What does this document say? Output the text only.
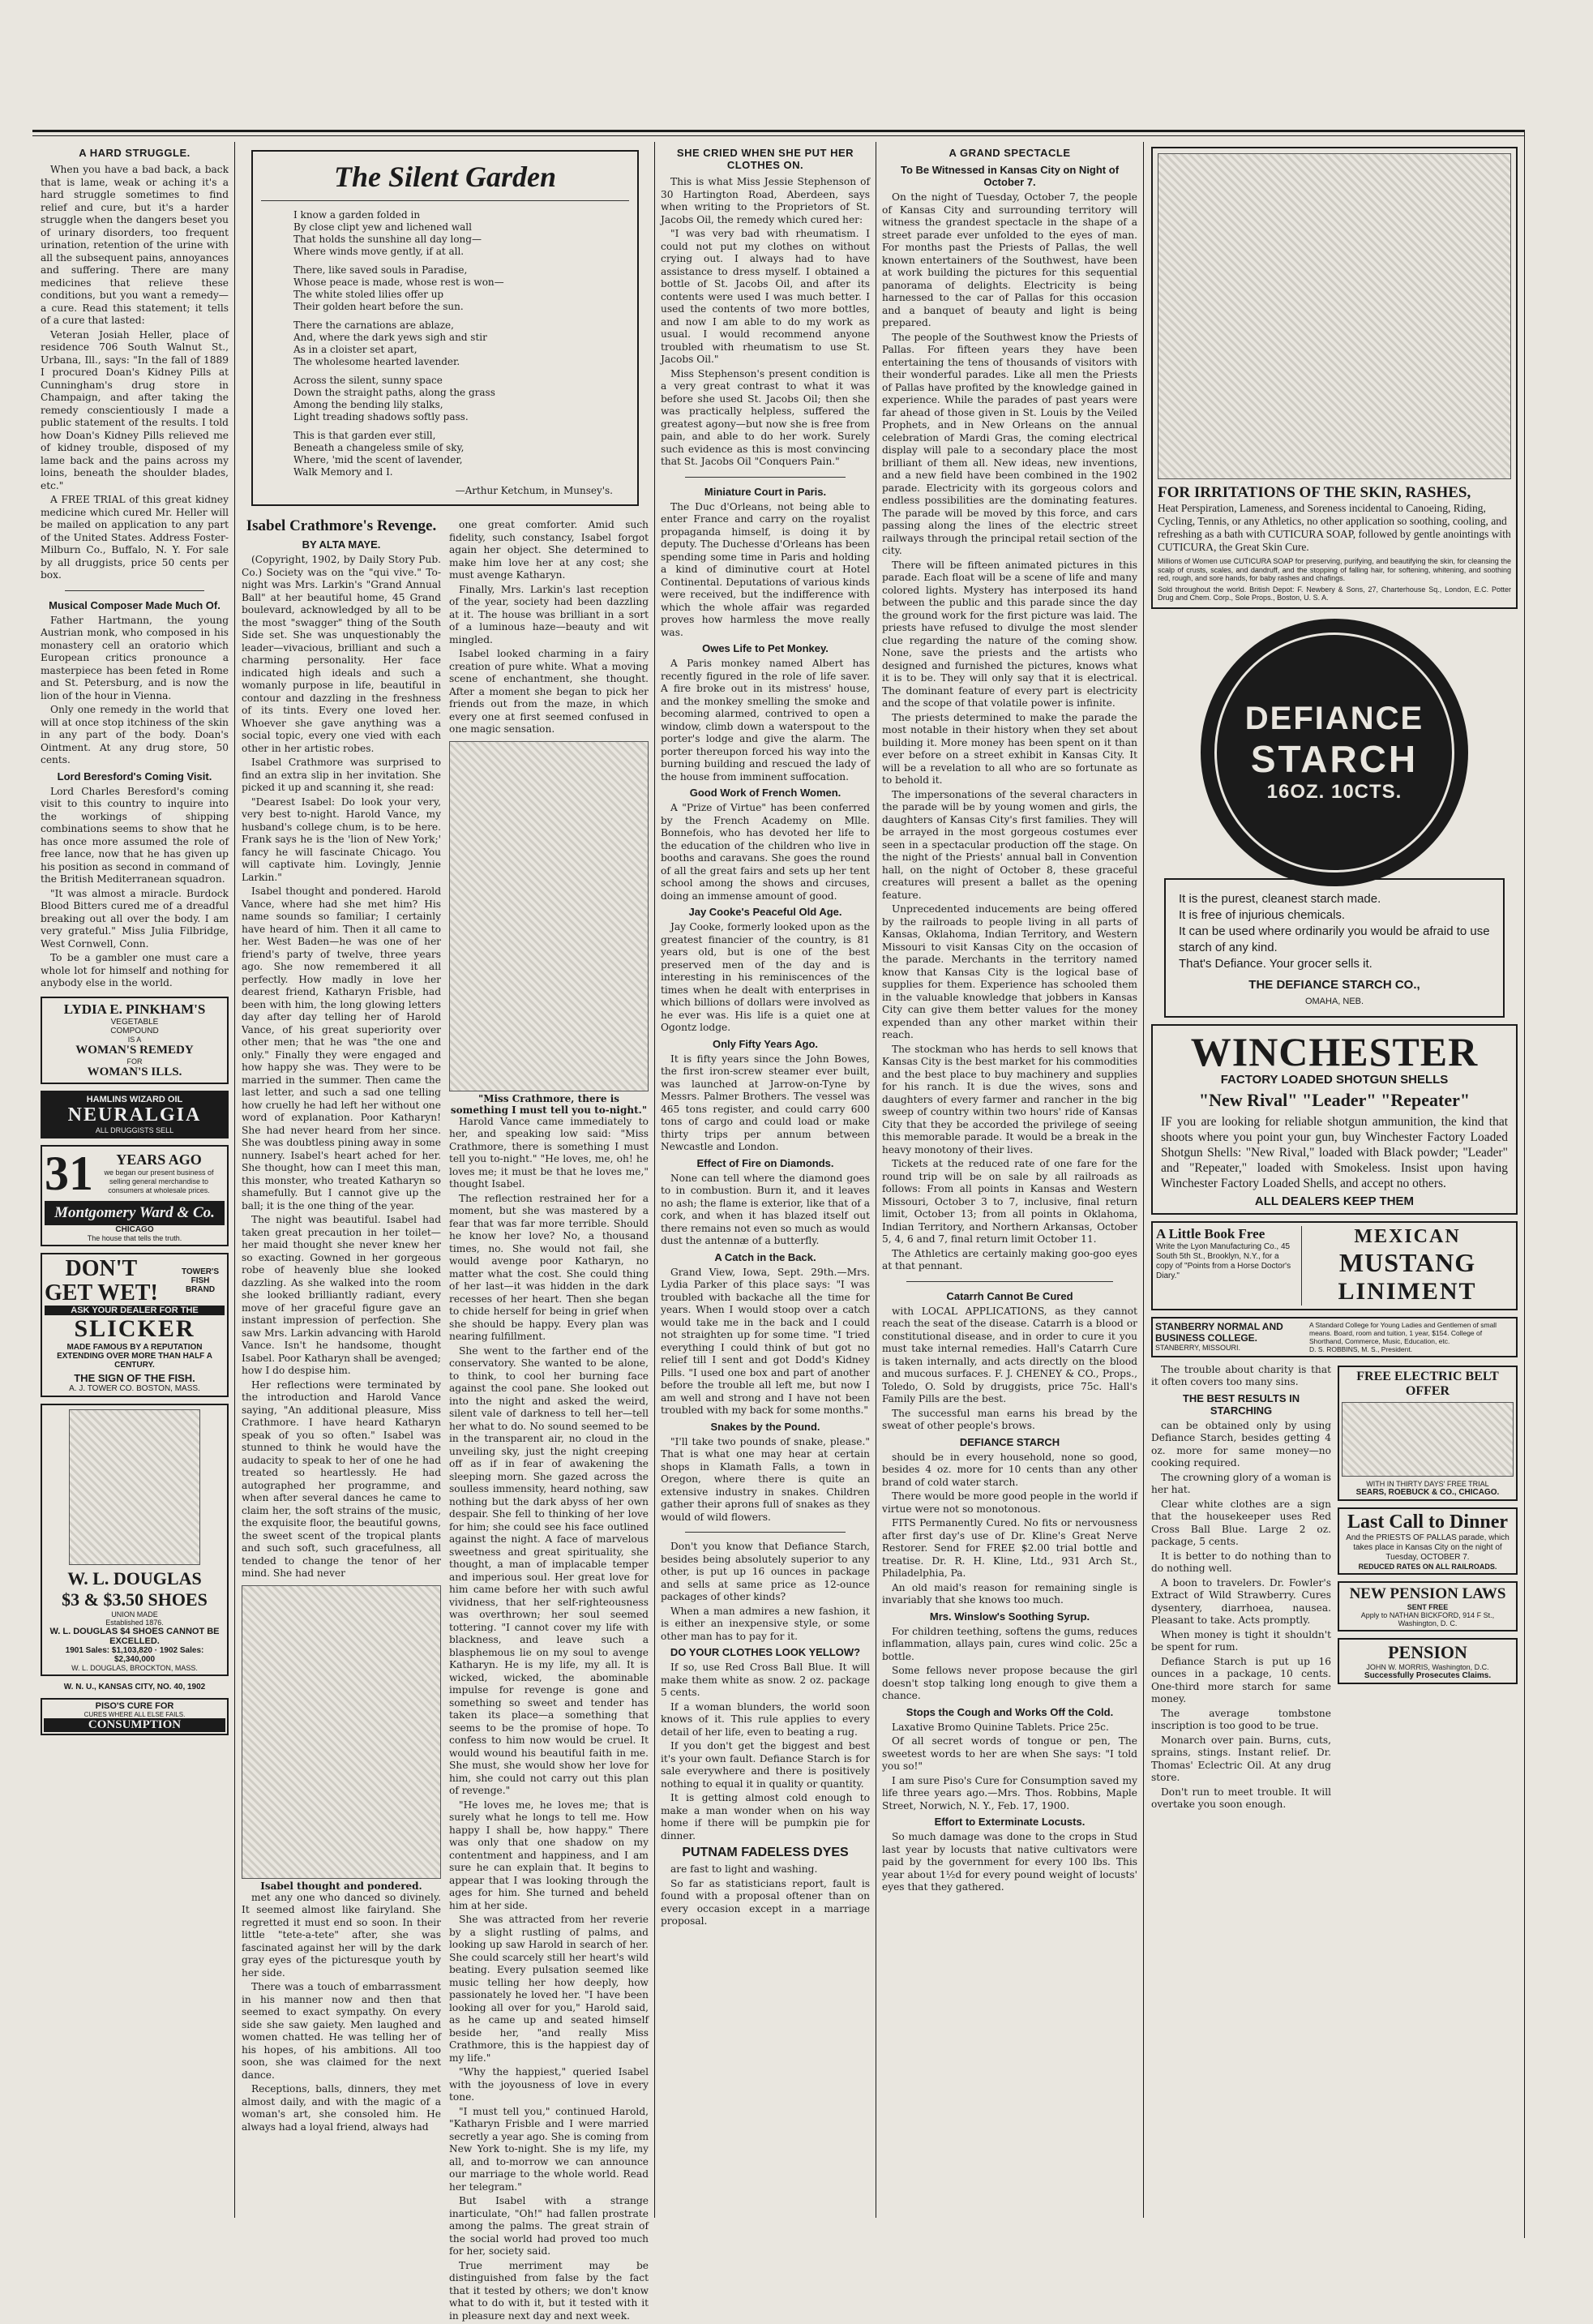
A HARD STRUGGLE.

When you have a bad back, a back that is lame, weak or aching it's a hard struggle sometimes to find relief and cure, but it's a harder struggle when the dangers beset you of urinary disorders, too frequent urination, retention of the urine with all the subsequent pains, annoyances and suffering. There are many medicines that relieve these conditions, but you want a remedy—a cure. Read this statement; it tells of a cure that lasted:

Veteran Josiah Heller, place of residence 706 South Walnut St., Urbana, Ill., says: "In the fall of 1889 I procured Doan's Kidney Pills at Cunningham's drug store in Champaign, and after taking the remedy conscientiously I made a public statement of the results. I told how Doan's Kidney Pills relieved me of kidney trouble, disposed of my lame back and the pains across my loins, beneath the shoulder blades, etc."

A FREE TRIAL of this great kidney medicine which cured Mr. Heller will be mailed on application to any part of the United States. Address Foster-Milburn Co., Buffalo, N. Y. For sale by all druggists, price 50 cents per box.

Musical Composer Made Much Of.

Father Hartmann, the young Austrian monk, who composed in his monastery cell an oratorio which European critics pronounce a masterpiece has been feted in Rome and St. Petersburg, and is now the lion of the hour in Vienna.

Only one remedy in the world that will at once stop itchiness of the skin in any part of the body. Doan's Ointment. At any drug store, 50 cents.

Lord Beresford's Coming Visit.

Lord Charles Beresford's coming visit to this country to inquire into the workings of shipping combinations seems to show that he has once more assumed the role of free lance, now that he has given up his position as second in command of the British Mediterranean squadron.

"It was almost a miracle. Burdock Blood Bitters cured me of a dreadful breaking out all over the body. I am very grateful." Miss Julia Filbridge, West Cornwell, Conn.

To be a gambler one must care a whole lot for himself and nothing for anybody else in the world.

LYDIA E. PINKHAM'S
VEGETABLE
COMPOUND
IS A
WOMAN'S REMEDY
FOR
WOMAN'S ILLS.
HAMLINS WIZARD OIL
NEURALGIA
ALL DRUGGISTS SELL
31	YEARS AGO
we began our present business of selling general merchandise to consumers at wholesale prices.
Montgomery Ward & Co.
CHICAGO
The house that tells the truth.
DON'T
GET WET!
TOWER'S FISH BRAND
ASK YOUR DEALER FOR THE
SLICKER
MADE FAMOUS BY A REPUTATION EXTENDING OVER MORE THAN HALF A CENTURY.
THE SIGN OF THE FISH.
A. J. TOWER CO. BOSTON, MASS.
W. L. DOUGLAS
$3 & $3.50 SHOES
UNION MADE
Established 1876.
W. L. DOUGLAS $4 SHOES CANNOT BE EXCELLED.
1901 Sales: $1,103,820 · 1902 Sales: $2,340,000
W. L. DOUGLAS, BROCKTON, MASS.
W. N. U., KANSAS CITY, NO. 40, 1902
PISO'S CURE FOR
CURES WHERE ALL ELSE FAILS.
CONSUMPTION
The Silent Garden
I know a garden folded in
By close clipt yew and lichened wall
That holds the sunshine all day long—
Where winds move gently, if at all.
There, like saved souls in Paradise,
Whose peace is made, whose rest is won—
The white stoled lilies offer up
Their golden heart before the sun.
There the carnations are ablaze,
And, where the dark yews sigh and stir
As in a cloister set apart,
The wholesome hearted lavender.
Across the silent, sunny space
Down the straight paths, along the grass
Among the bending lily stalks,
Light treading shadows softly pass.
This is that garden ever still,
Beneath a changeless smile of sky,
Where, 'mid the scent of lavender,
Walk Memory and I.
—Arthur Ketchum, in Munsey's.
Isabel Crathmore's Revenge.
BY ALTA MAYE.

(Copyright, 1902, by Daily Story Pub. Co.) Society was on the "qui vive." To-night was Mrs. Larkin's "Grand Annual Ball" at her beautiful home, 45 Grand boulevard, acknowledged by all to be the most "swagger" thing of the South Side set. She was unquestionably the leader—vivacious, brilliant and such a charming personality. Her face indicated high ideals and such a womanly purpose in life, beautiful in contour and dazzling in the freshness of its tints. Every one loved her. Whoever she gave anything was a social topic, every one vied with each other in her artistic robes.

Isabel Crathmore was surprised to find an extra slip in her invitation. She picked it up and scanning it, she read:

"Dearest Isabel: Do look your very, very best to-night. Harold Vance, my husband's college chum, is to be here. Frank says he is the 'lion of New York;' fancy he will fascinate Chicago. You will captivate him. Lovingly, Jennie Larkin."

Isabel thought and pondered. Harold Vance, where had she met him? His name sounds so familiar; I certainly have heard of him. Then it all came to her. West Baden—he was one of her friend's party of twelve, three years ago. She now remembered it all perfectly. How madly in love her dearest friend, Katharyn Frisble, had been with him, the long glowing letters day after day telling her of Harold Vance, of his great superiority over other men; that he was "the one and only." Finally they were engaged and how happy she was. They were to be married in the summer. Then came the last letter, and such a sad one telling how cruelly he had left her without one word of explanation. Poor Katharyn! She had never heard from her since. She was doubtless pining away in some nunnery. Isabel's heart ached for her. She thought, how can I meet this man, this monster, who treated Katharyn so shamefully. But I cannot give up the ball; it is the one thing of the year.

The night was beautiful. Isabel had taken great precaution in her toilet—her maid thought she never knew her so exacting. Gowned in her gorgeous robe of heavenly blue she looked dazzling. As she walked into the room she looked brilliantly radiant, every move of her graceful figure gave an instant impression of perfection. She saw Mrs. Larkin advancing with Harold Vance. Isn't he handsome, thought Isabel. Poor Katharyn shall be avenged; how I do despise him.

Her reflections were terminated by the introduction and Harold Vance saying, "An additional pleasure, Miss Crathmore. I have heard Katharyn speak of you so often." Isabel was stunned to think he would have the audacity to speak to her of one he had treated so heartlessly. He had autographed her programme, and when after several dances he came to claim her, the soft strains of the music, the exquisite floor, the beautiful gowns, the sweet scent of the tropical plants and such soft, such gracefulness, all tended to change the tenor of her mind. She had never

Isabel thought and pondered.

met any one who danced so divinely. It seemed almost like fairyland. She regretted it must end so soon. In their little "tete-a-tete" after, she was fascinated against her will by the dark gray eyes of the picturesque youth by her side.

There was a touch of embarrassment in his manner now and then that seemed to exact sympathy. On every side she saw gaiety. Men laughed and women chatted. He was telling her of his hopes, of his ambitions. All too soon, she was claimed for the next dance.

Receptions, balls, dinners, they met almost daily, and with the magic of a woman's art, she consoled him. He always had a loyal friend, always had

one great comforter. Amid such fidelity, such constancy, Isabel forgot again her object. She determined to make him love her at any cost; she must avenge Katharyn.

Finally, Mrs. Larkin's last reception of the year, society had been dazzling at it. The house was brilliant in a sort of a luminous haze—beauty and wit mingled.

Isabel looked charming in a fairy creation of pure white. What a moving scene of enchantment, she thought. After a moment she began to pick her friends out from the maze, in which every one at first seemed confused in one magic sensation.

"Miss Crathmore, there is something I must tell you to-night."

Harold Vance came immediately to her, and speaking low said: "Miss Crathmore, there is something I must tell you to-night." "He loves, me, oh! he loves me; it must be that he loves me," thought Isabel.

The reflection restrained her for a moment, but she was mastered by a fear that was far more terrible. Should he know her love? No, a thousand times, no. She would not fail, she would avenge poor Katharyn, no matter what the cost. She could thing of her last—it was hidden in the dark recesses of her heart. Then she began to chide herself for being in grief when she should be happy. Every plan was nearing fulfillment.

She went to the farther end of the conservatory. She wanted to be alone, to think, to cool her burning face against the cool pane. She looked out into the night and asked the weird, silent vale of darkness to tell her—tell her what to do. No sound seemed to be in the transparent air, no cloud in the unveiling sky, just the night creeping off as if in fear of awakening the sleeping morn. She gazed across the soulless immensity, heard nothing, saw nothing but the dark abyss of her own despair. She fell to thinking of her love for him; she could see his face outlined against the night. A face of marvelous sweetness and great spirituality, she thought, a man of implacable temper and imperious soul. Her great love for him came before her with such awful vividness, that her self-righteousness was overthrown; her soul seemed tottering. "I cannot cover my life with blackness, and leave such a blasphemous lie on my soul to avenge Katharyn. He is my life, my all. It is wicked, wicked, the abominable impulse for revenge is gone and something so sweet and tender has taken its place—a something that seems to be the promise of hope. To confess to him now would be cruel. It would wound his beautiful faith in me. She must, she would show her love for him, she could not carry out this plan of revenge."

"He loves me, he loves me; that is surely what he longs to tell me. How happy I shall be, how happy." There was only that one shadow on my contentment and happiness, and I am sure he can explain that. It begins to appear that I was looking through the ages for him. She turned and beheld him at her side.

She was attracted from her reverie by a slight rustling of palms, and looking up saw Harold in search of her. She could scarcely still her heart's wild beating. Every pulsation seemed like music telling her how deeply, how passionately he loved her. "I have been looking all over for you," Harold said, as he came up and seated himself beside her, "and really Miss Crathmore, this is the happiest day of my life."

"Why the happiest," queried Isabel with the joyousness of love in every tone.

"I must tell you," continued Harold, "Katharyn Frisble and I were married secretly a year ago. She is coming from New York to-night. She is my life, my all, and to-morrow we can announce our marriage to the whole world. Read her telegram."

But Isabel with a strange inarticulate, "Oh!" had fallen prostrate among the palms. The great strain of the social world had proved too much for her, society said.

True merriment may be distinguished from false by the fact that it tested by others; we don't know what to do with it, but it tested with it in pleasure next day and next week.

SHE CRIED WHEN SHE PUT HER CLOTHES ON.

This is what Miss Jessie Stephenson of 30 Hartington Road, Aberdeen, says when writing to the Proprietors of St. Jacobs Oil, the remedy which cured her:

"I was very bad with rheumatism. I could not put my clothes on without crying out. I always had to have assistance to dress myself. I obtained a bottle of St. Jacobs Oil, and after its contents were used I was much better. I used the contents of two more bottles, and now I am able to do my work as usual. I would recommend anyone troubled with rheumatism to use St. Jacobs Oil."

Miss Stephenson's present condition is a very great contrast to what it was before she used St. Jacobs Oil; then she was practically helpless, suffered the greatest agony—but now she is free from pain, and able to do her work. Surely such evidence as this is most convincing that St. Jacobs Oil "Conquers Pain."

Miniature Court in Paris.

The Duc d'Orleans, not being able to enter France and carry on the royalist propaganda himself, is doing it by deputy. The Duchesse d'Orleans has been spending some time in Paris and holding a kind of diminutive court at Hotel Continental. Deputations of various kinds were received, but the indifference with which the whole affair was regarded proves how harmless the move really was.

Owes Life to Pet Monkey.

A Paris monkey named Albert has recently figured in the role of life saver. A fire broke out in its mistress' house, and the monkey smelling the smoke and becoming alarmed, contrived to open a window, climb down a waterspout to the porter's lodge and give the alarm. The porter thereupon forced his way into the burning building and rescued the lady of the house from imminent suffocation.

Good Work of French Women.

A "Prize of Virtue" has been conferred by the French Academy on Mlle. Bonnefois, who has devoted her life to the education of the children who live in booths and caravans. She goes the round of all the great fairs and sets up her tent school among the shows and circuses, doing an immense amount of good.

Jay Cooke's Peaceful Old Age.

Jay Cooke, formerly looked upon as the greatest financier of the country, is 81 years old, but is one of the best preserved men of the day and is interesting in his reminiscences of the times when he dealt with enterprises in which billions of dollars were involved as he ever was. His life is a quiet one at Ogontz lodge.

Only Fifty Years Ago.

It is fifty years since the John Bowes, the first iron-screw steamer ever built, was launched at Jarrow-on-Tyne by Messrs. Palmer Brothers. The vessel was 465 tons register, and could carry 600 tons of cargo and could load or make thirty trips per annum between Newcastle and London.

Effect of Fire on Diamonds.

None can tell where the diamond goes to in combustion. Burn it, and it leaves no ash; the flame is exterior, like that of a cork, and when it has blazed itself out there remains not even so much as would dust the antennæ of a butterfly.

A Catch in the Back.

Grand View, Iowa, Sept. 29th.—Mrs. Lydia Parker of this place says: "I was troubled with backache all the time for years. When I would stoop over a catch would take me in the back and I could not straighten up for some time. "I tried everything I could think of but got no relief till I sent and got Dodd's Kidney Pills. "I used one box and part of another before the trouble all left me, but now I am well and strong and I have not been troubled with my back for some months."

Snakes by the Pound.

"I'll take two pounds of snake, please." That is what one may hear at certain shops in Klamath Falls, a town in Oregon, where there is quite an extensive industry in snakes. Children gather their aprons full of snakes as they would of wild flowers.

Don't you know that Defiance Starch, besides being absolutely superior to any other, is put up 16 ounces in package and sells at same price as 12-ounce packages of other kinds?

When a man admires a new fashion, it is either an inexpensive style, or some other man has to pay for it.

DO YOUR CLOTHES LOOK YELLOW?

If so, use Red Cross Ball Blue. It will make them white as snow. 2 oz. package 5 cents.

If a woman blunders, the world soon knows of it. This rule applies to every detail of her life, even to beating a rug.

If you don't get the biggest and best it's your own fault. Defiance Starch is for sale everywhere and there is positively nothing to equal it in quality or quantity.

It is getting almost cold enough to make a man wonder when on his way home if there will be pumpkin pie for dinner.

PUTNAM FADELESS DYES

are fast to light and washing.

So far as statisticians report, fault is found with a proposal oftener than on every occasion except in a marriage proposal.

A GRAND SPECTACLE
To Be Witnessed in Kansas City on Night of October 7.

On the night of Tuesday, October 7, the people of Kansas City and surrounding territory will witness the grandest spectacle in the shape of a street parade ever unfolded to the eyes of man. For months past the Priests of Pallas, the well known entertainers of the Southwest, have been at work building the pictures for this sequential panorama of delights. Electricity is being harnessed to the car of Pallas for this occasion and a banquet of beauty and light is being prepared.

The people of the Southwest know the Priests of Pallas. For fifteen years they have been entertaining the tens of thousands of visitors with their wonderful parades. Like all men the Priests of Pallas have profited by the knowledge gained in experience. While the parades of past years were far ahead of those given in St. Louis by the Veiled Prophets, and in New Orleans on the annual celebration of Mardi Gras, the coming electrical display will pale to a secondary place the most brilliant of them all. New ideas, new inventions, and a new field have been combined in the 1902 parade. Electricity with its gorgeous colors and endless possibilities are the dominating features. The parade will be moved by this force, and cars passing along the lines of the electric street railways through the principal retail section of the city.

There will be fifteen animated pictures in this parade. Each float will be a scene of life and many colored lights. Mystery has interposed its hand between the public and this parade since the day the ground work for the first picture was laid. The priests have refused to divulge the most slender clue regarding the nature of the coming show. None, save the priests and the artists who designed and furnished the pictures, knows what it is to be. They will only say that it is electrical. The dominant feature of every part is electricity and the scope of that volatile power is infinite.

The priests determined to make the parade the most notable in their history when they set about building it. More money has been spent on it than ever before on a street exhibit in Kansas City. It will be a revelation to all who are so fortunate as to behold it.

The impersonations of the several characters in the parade will be by young women and girls, the daughters of Kansas City's first families. They will be arrayed in the most gorgeous costumes ever seen in a spectacular production off the stage. On the night of the Priests' annual ball in Convention hall, on the night of October 8, these graceful creatures will present a ballet as the opening feature.

Unprecedented inducements are being offered by the railroads to people living in all parts of Kansas, Oklahoma, Indian Territory, and Western Missouri to visit Kansas City on the occasion of the parade. Merchants in the territory named know that Kansas City is the logical base of supplies for them. Experience has schooled them in the valuable knowledge that jobbers in Kansas City can give them better values for the money expended than any other market within their reach.

The stockman who has herds to sell knows that Kansas City is the best market for his commodities and the best place to buy machinery and supplies for his ranch. It is due the wives, sons and daughters of every farmer and rancher in the big sweep of country within two hours' ride of Kansas City that they be accorded the privilege of seeing this memorable parade. It would be a break in the heavy monotony of their lives.

Tickets at the reduced rate of one fare for the round trip will be on sale by all railroads as follows: From all points in Kansas and Western Missouri, October 3 to 7, inclusive, final return limit, October 13; from all points in Oklahoma, Indian Territory, and Northern Arkansas, October 5, 4, 6 and 7, final return limit October 11.

The Athletics are certainly making goo-goo eyes at that pennant.

Catarrh Cannot Be Cured

with LOCAL APPLICATIONS, as they cannot reach the seat of the disease. Catarrh is a blood or constitutional disease, and in order to cure it you must take internal remedies. Hall's Catarrh Cure is taken internally, and acts directly on the blood and mucous surfaces. F. J. CHENEY & CO., Props., Toledo, O. Sold by druggists, price 75c. Hall's Family Pills are the best.

The successful man earns his bread by the sweat of other people's brows.

DEFIANCE STARCH

should be in every household, none so good, besides 4 oz. more for 10 cents than any other brand of cold water starch.

There would be more good people in the world if virtue were not so monotonous.

FITS Permanently Cured. No fits or nervousness after first day's use of Dr. Kline's Great Nerve Restorer. Send for FREE $2.00 trial bottle and treatise. Dr. R. H. Kline, Ltd., 931 Arch St., Philadelphia, Pa.

An old maid's reason for remaining single is invariably that she knows too much.

Mrs. Winslow's Soothing Syrup.

For children teething, softens the gums, reduces inflammation, allays pain, cures wind colic. 25c a bottle.

Some fellows never propose because the girl doesn't stop talking long enough to give them a chance.

Stops the Cough and Works Off the Cold.

Laxative Bromo Quinine Tablets. Price 25c.

Of all secret words of tongue or pen, The sweetest words to her are when She says: "I told you so!"

I am sure Piso's Cure for Consumption saved my life three years ago.—Mrs. Thos. Robbins, Maple Street, Norwich, N. Y., Feb. 17, 1900.

Effort to Exterminate Locusts.

So much damage was done to the crops in Stud last year by locusts that native cultivators were paid by the government for every 100 lbs. This year about 1½d for every pound weight of locusts' eyes that they gathered.

FOR IRRITATIONS OF THE SKIN, RASHES,
Heat Perspiration, Lameness, and Soreness incidental to Canoeing, Riding, Cycling, Tennis, or any Athletics, no other application so soothing, cooling, and refreshing as a bath with CUTICURA SOAP, followed by gentle anointings with CUTICURA, the Great Skin Cure.
Millions of Women use CUTICURA SOAP for preserving, purifying, and beautifying the skin, for cleansing the scalp of crusts, scales, and dandruff, and the stopping of falling hair, for softening, whitening, and soothing red, rough, and sore hands, for baby rashes and chafings.
Sold throughout the world. British Depot: F. Newbery & Sons, 27, Charterhouse Sq., London, E.C. Potter Drug and Chem. Corp., Sole Props., Boston, U. S. A.
DEFIANCE
STARCH
16OZ. 10CTS.
It is the purest, cleanest starch made.
It is free of injurious chemicals.
It can be used where ordinarily you would be afraid to use starch of any kind.
That's Defiance. Your grocer sells it.
THE DEFIANCE STARCH CO.,
OMAHA, NEB.
WINCHESTER
FACTORY LOADED SHOTGUN SHELLS
"New Rival" "Leader" "Repeater"
IF you are looking for reliable shotgun ammunition, the kind that shoots where you point your gun, buy Winchester Factory Loaded Shotgun Shells: "New Rival," loaded with Black powder; "Leader" and "Repeater," loaded with Smokeless. Insist upon having Winchester Factory Loaded Shells, and accept no others.
ALL DEALERS KEEP THEM
A Little Book Free
Write the Lyon Manufacturing Co., 45 South 5th St., Brooklyn, N.Y., for a copy of "Points from a Horse Doctor's Diary."
MEXICAN
MUSTANG
LINIMENT
STANBERRY NORMAL AND BUSINESS COLLEGE.
STANBERRY, MISSOURI.
A Standard College for Young Ladies and Gentlemen of small means. Board, room and tuition, 1 year, $154. College of Shorthand, Commerce, Music, Education, etc.
D. S. ROBBINS, M. S., President.

The trouble about charity is that it often covers too many sins.

THE BEST RESULTS IN STARCHING

can be obtained only by using Defiance Starch, besides getting 4 oz. more for same money—no cooking required.

The crowning glory of a woman is her hat.

Clear white clothes are a sign that the housekeeper uses Red Cross Ball Blue. Large 2 oz. package, 5 cents.

It is better to do nothing than to do nothing well.

A boon to travelers. Dr. Fowler's Extract of Wild Strawberry. Cures dysentery, diarrhoea, nausea. Pleasant to take. Acts promptly.

When money is tight it shouldn't be spent for rum.

Defiance Starch is put up 16 ounces in a package, 10 cents. One-third more starch for same money.

The average tombstone inscription is too good to be true.

Monarch over pain. Burns, cuts, sprains, stings. Instant relief. Dr. Thomas' Eclectric Oil. At any drug store.

Don't run to meet trouble. It will overtake you soon enough.

FREE ELECTRIC BELT OFFER
WITH IN THIRTY DAYS' FREE TRIAL
SEARS, ROEBUCK & CO., CHICAGO.
Last Call to Dinner
And the PRIESTS OF PALLAS parade, which takes place in Kansas City on the night of Tuesday, OCTOBER 7.
REDUCED RATES ON ALL RAILROADS.
NEW PENSION LAWS
SENT FREE
Apply to NATHAN BICKFORD, 914 F St., Washington, D. C.
PENSION
JOHN W. MORRIS, Washington, D.C.
Successfully Prosecutes Claims.
